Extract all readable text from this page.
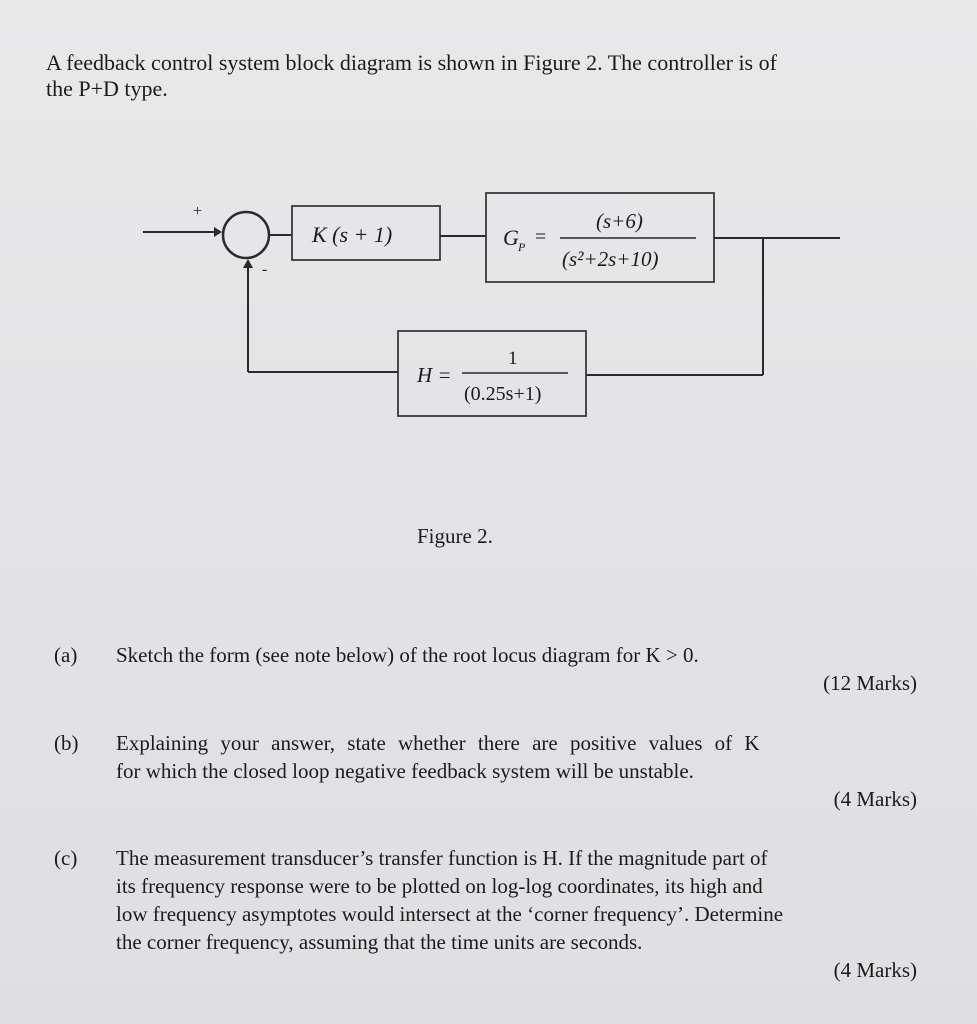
A feedback control system block diagram is shown in Figure 2. The controller is of
the P+D type.
+
-
K (s + 1)	G P =
(s+6)
(s²+2s+10)
H =
1
(0.25s+1)
Figure 2.
(a) Sketch the form (see note below) of the root locus diagram for K > 0.
(12 Marks)
(b) Explaining your answer, state whether there are positive values of K
for which the closed loop negative feedback system will be unstable.
(4 Marks)
(c) The measurement transducer’s transfer function is H. If the magnitude part of
its frequency response were to be plotted on log-log coordinates, its high and
low frequency asymptotes would intersect at the ‘corner frequency’. Determine
the corner frequency, assuming that the time units are seconds.
(4 Marks)
